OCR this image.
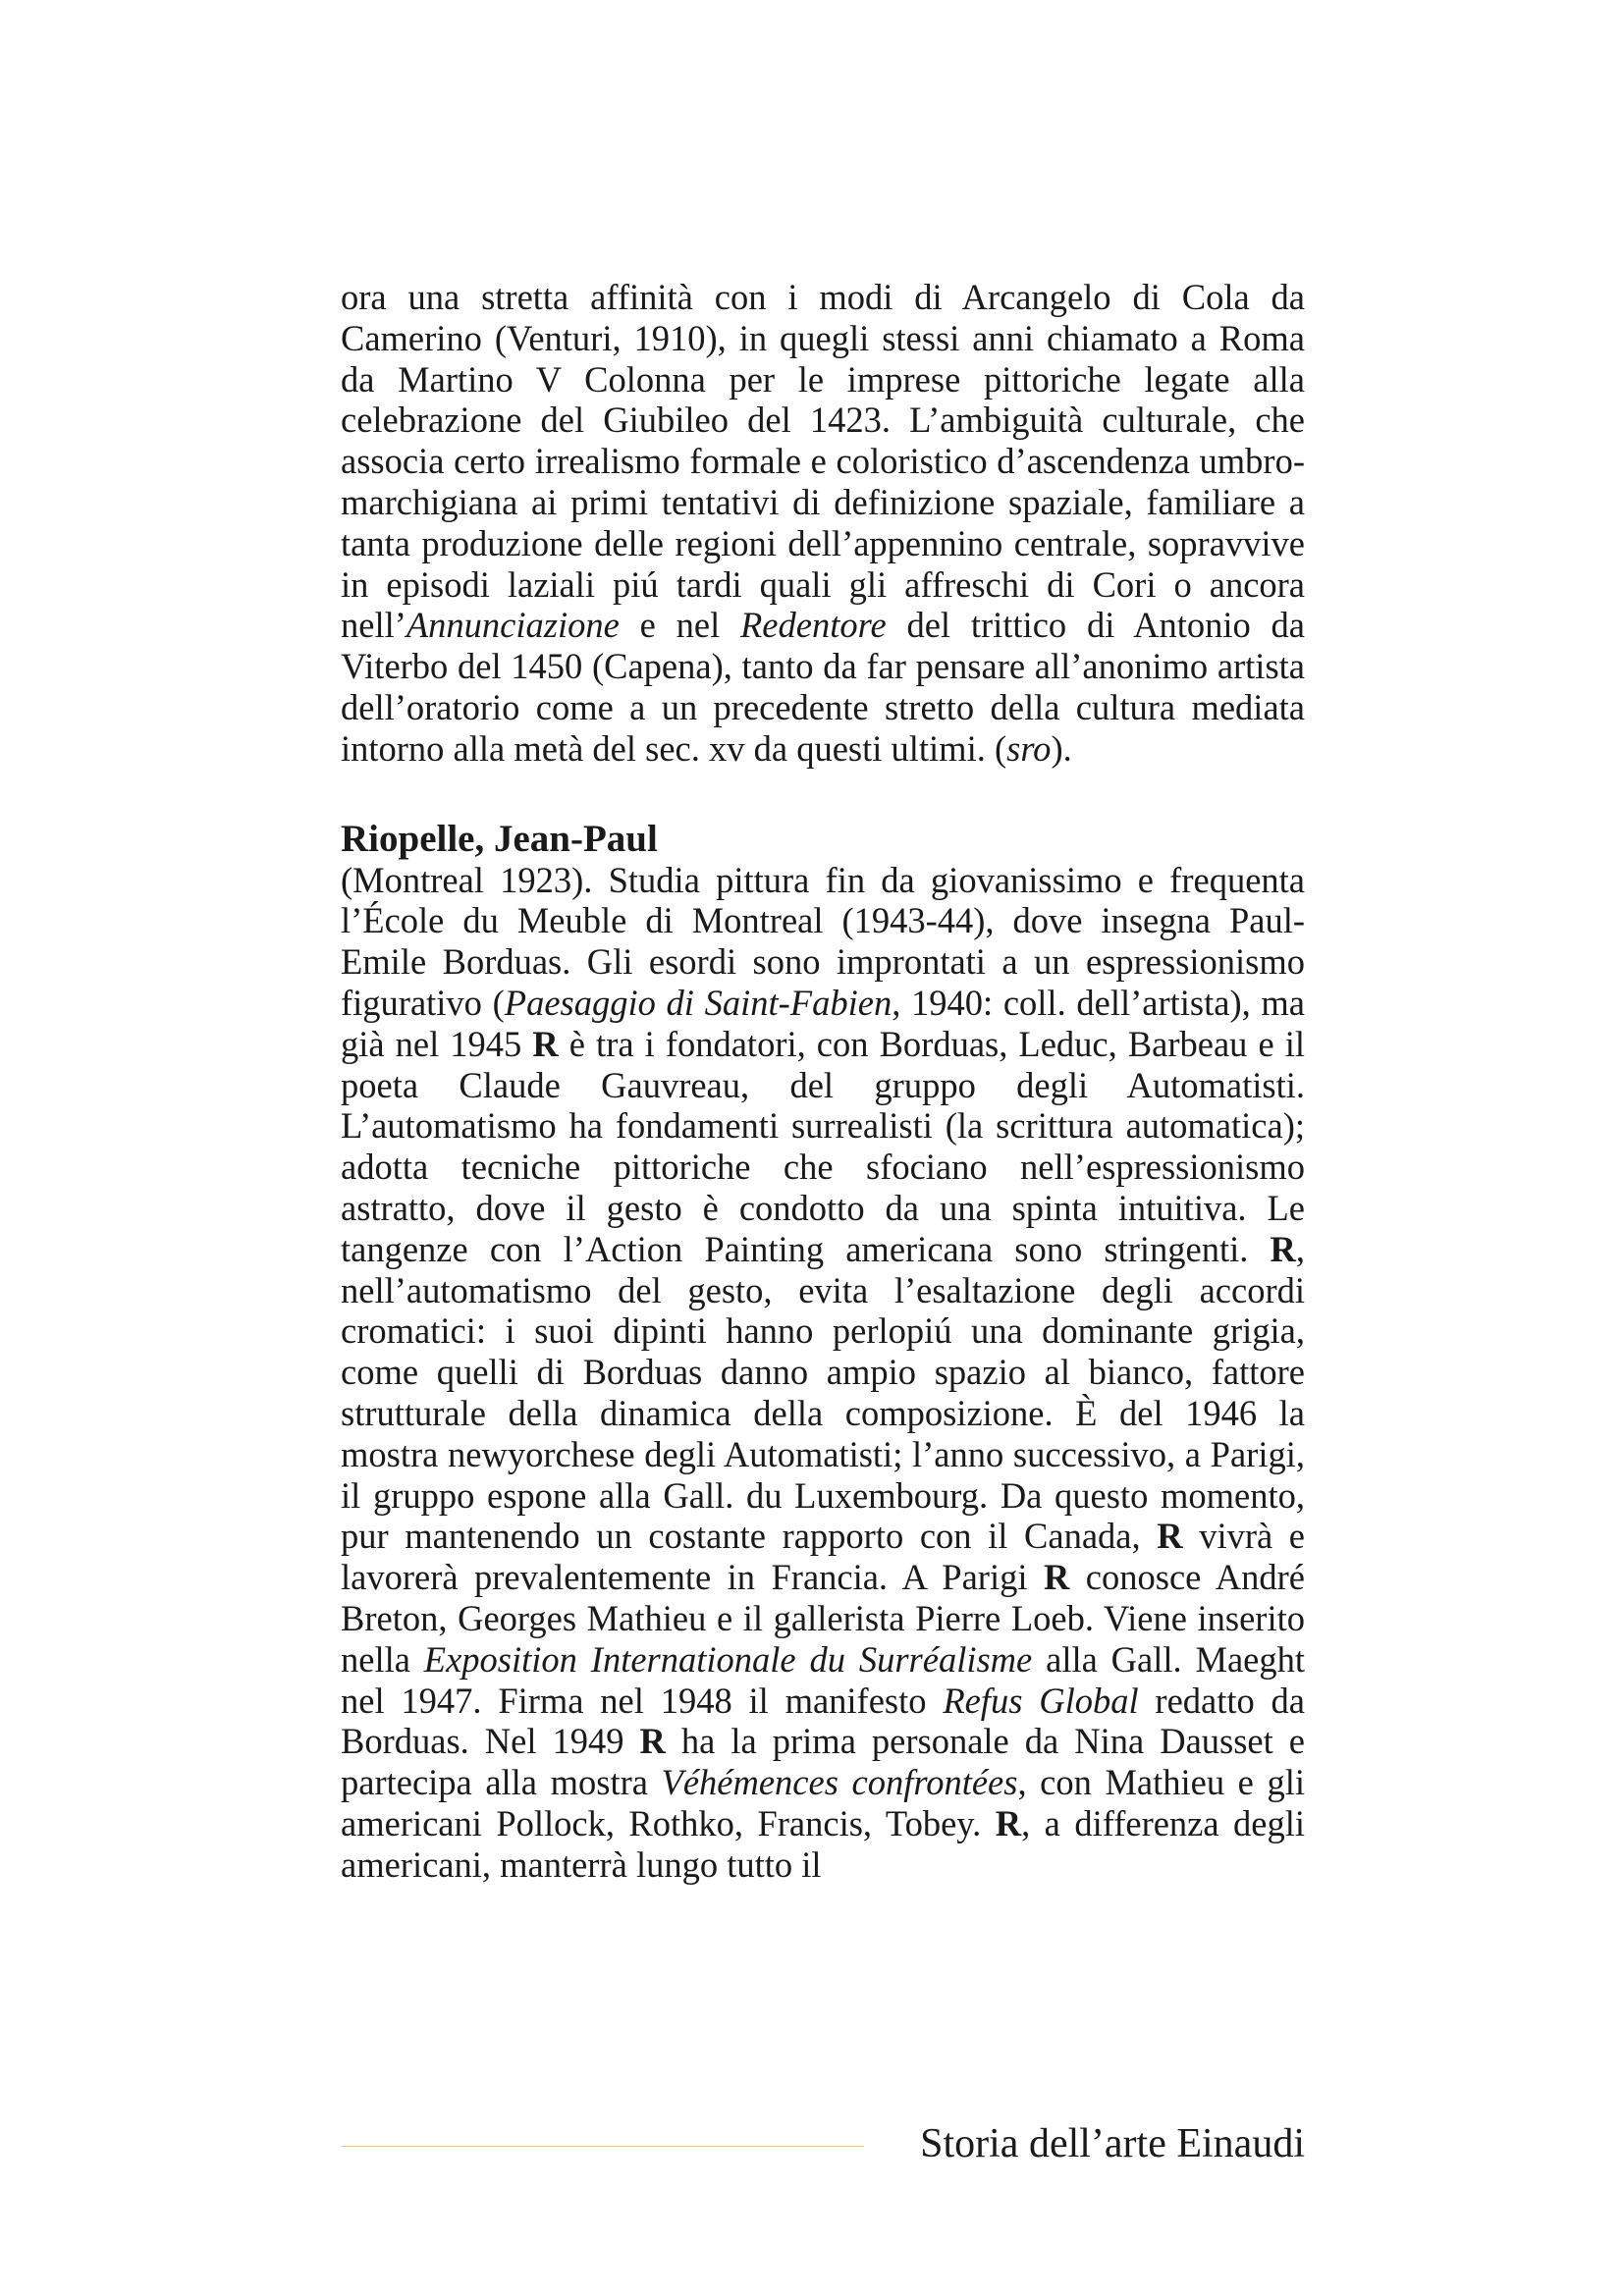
ora una stretta affinità con i modi di Arcangelo di Cola da Camerino (Venturi, 1910), in quegli stessi anni chiamato a Roma da Martino V Colonna per le imprese pittoriche legate alla celebrazione del Giubileo del 1423. L’ambiguità culturale, che associa certo irrealismo formale e coloristico d’ascendenza umbro-marchigiana ai primi tentativi di definizione spaziale, familiare a tanta produzione delle regioni dell’appennino centrale, sopravvive in episodi laziali piú tardi quali gli affreschi di Cori o ancora nell’Annunciazione e nel Redentore del trittico di Antonio da Viterbo del 1450 (Capena), tanto da far pensare all’anonimo artista dell’oratorio come a un precedente stretto della cultura mediata intorno alla metà del sec. xv da questi ultimi. (sro).

Riopelle, Jean-Paul

(Montreal 1923). Studia pittura fin da giovanissimo e frequenta l’École du Meuble di Montreal (1943-44), dove insegna Paul-Emile Borduas. Gli esordi sono improntati a un espressionismo figurativo (Paesaggio di Saint-Fabien, 1940: coll. dell’artista), ma già nel 1945 R è tra i fondatori, con Borduas, Leduc, Barbeau e il poeta Claude Gauvreau, del gruppo degli Automatisti. L’automatismo ha fondamenti surrealisti (la scrittura automatica); adotta tecniche pittoriche che sfociano nell’espressionismo astratto, dove il gesto è condotto da una spinta intuitiva. Le tangenze con l’Action Painting americana sono stringenti. R, nell’automatismo del gesto, evita l’esaltazione degli accordi cromatici: i suoi dipinti hanno perlopiú una dominante grigia, come quelli di Borduas danno ampio spazio al bianco, fattore strutturale della dinamica della composizione. È del 1946 la mostra newyorchese degli Automatisti; l’anno successivo, a Parigi, il gruppo espone alla Gall. du Luxembourg. Da questo momento, pur mantenendo un costante rapporto con il Canada, R vivrà e lavorerà prevalentemente in Francia. A Parigi R conosce André Breton, Georges Mathieu e il gallerista Pierre Loeb. Viene inserito nella Exposition Internationale du Surréalisme alla Gall. Maeght nel 1947. Firma nel 1948 il manifesto Refus Global redatto da Borduas. Nel 1949 R ha la prima personale da Nina Dausset e partecipa alla mostra Véhémences confrontées, con Mathieu e gli americani Pollock, Rothko, Francis, Tobey. R, a differenza degli americani, manterrà lungo tutto il

Storia dell’arte Einaudi
